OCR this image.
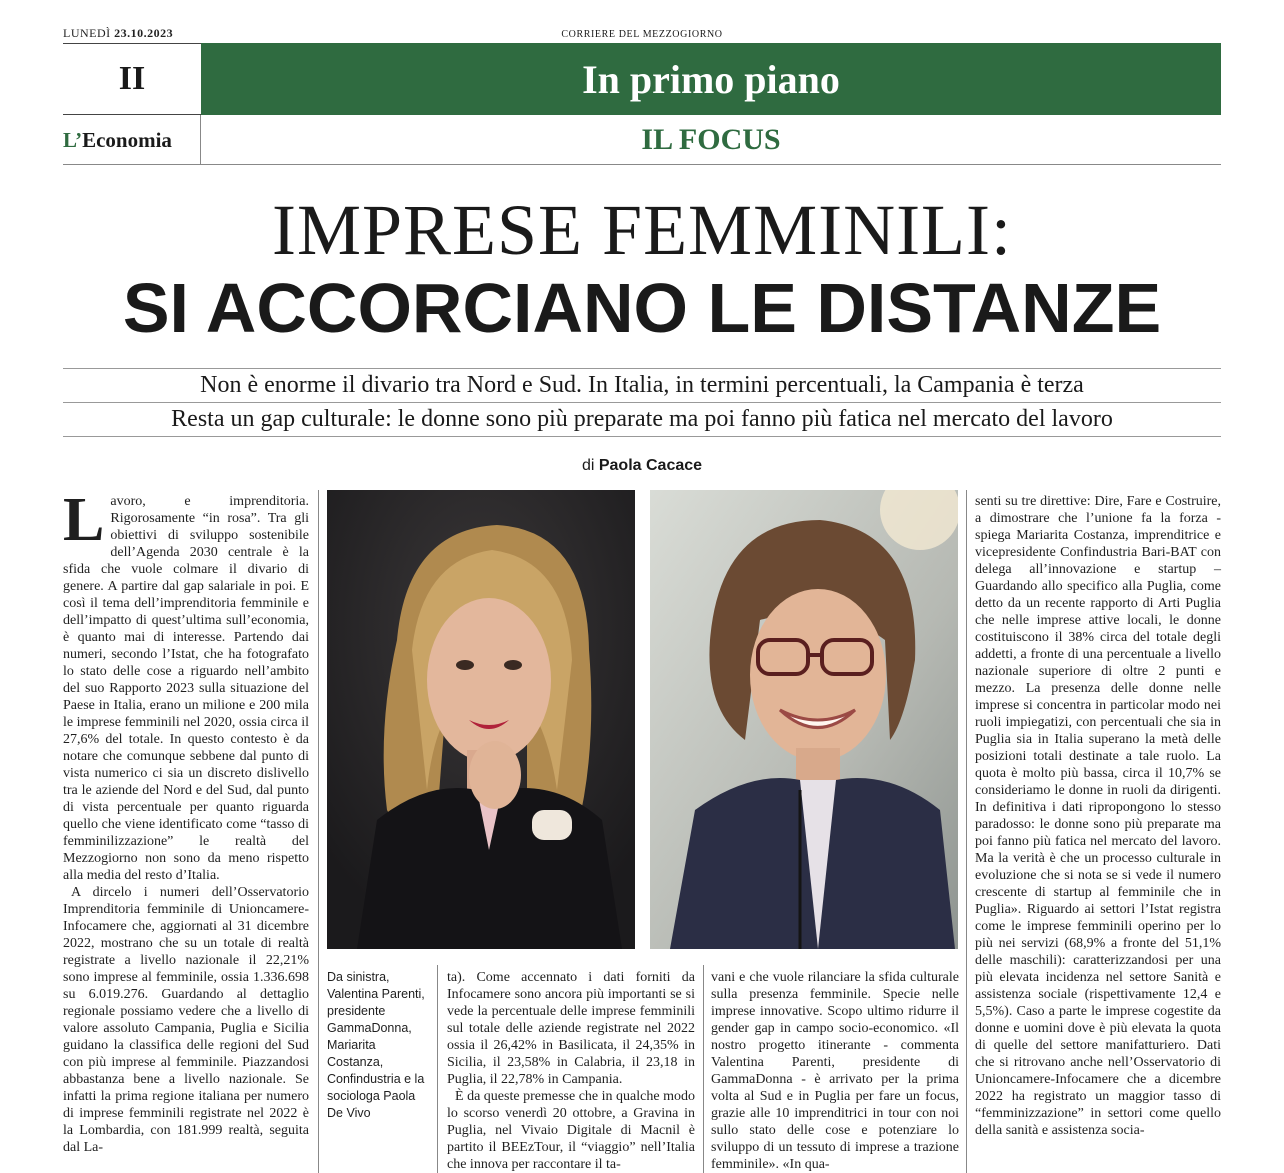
LUNEDÌ 23.10.2023	CORRIERE DEL MEZZOGIORNO
II	In primo piano
L’ Economia	IL FOCUS
IMPRESE FEMMINILI:
SI ACCORCIANO LE DISTANZE
Non è enorme il divario tra Nord e Sud. In Italia, in termini percentuali, la Campania è terza
Resta un gap culturale: le donne sono più preparate ma poi fanno più fatica nel mercato del lavoro
di Paola Cacace

Lavoro, e imprenditoria. Rigorosamente “in rosa”. Tra gli obiettivi di sviluppo sostenibile dell’Agenda 2030 centrale è la sfida che vuole colmare il divario di genere. A partire dal gap salariale in poi. E così il tema dell’imprenditoria femminile e dell’impatto di quest’ultima sull’economia, è quanto mai di interesse. Partendo dai numeri, secondo l’Istat, che ha fotografato lo stato delle cose a riguardo nell’ambito del suo Rapporto 2023 sulla situazione del Paese in Italia, erano un milione e 200 mila le imprese femminili nel 2020, ossia circa il 27,6% del totale. In questo contesto è da notare che comunque sebbene dal punto di vista numerico ci sia un discreto dislivello tra le aziende del Nord e del Sud, dal punto di vista percentuale per quanto riguarda quello che viene identificato come “tasso di femminilizzazione” le realtà del Mezzogiorno non sono da meno rispetto alla media del resto d’Italia.

A dircelo i numeri dell’Osservatorio Imprenditoria femminile di Unioncamere-Infocamere che, aggiornati al 31 dicembre 2022, mostrano che su un totale di realtà registrate a livello nazionale il 22,21% sono imprese al femminile, ossia 1.336.698 su 6.019.276. Guardando al dettaglio regionale possiamo vedere che a livello di valore assoluto Campania, Puglia e Sicilia guidano la classifica delle regioni del Sud con più imprese al femminile. Piazzandosi abbastanza bene a livello nazionale. Se infatti la prima regione italiana per numero di imprese femminili registrate nel 2022 è la Lombardia, con 181.999 realtà, seguita dal La-

Da sinistra, Valentina Parenti, presidente GammaDonna, Mariarita Costanza, Confindustria e la sociologa Paola De Vivo

ta). Come accennato i dati forniti da Infocamere sono ancora più importanti se si vede la percentuale delle imprese femminili sul totale delle aziende registrate nel 2022 ossia il 26,42% in Basilicata, il 24,35% in Sicilia, il 23,58% in Calabria, il 23,18 in Puglia, il 22,78% in Campania.

È da queste premesse che in qualche modo lo scorso venerdì 20 ottobre, a Gravina in Puglia, nel Vivaio Digitale di Macnil è partito il BEEzTour, il “viaggio” nell’Italia che innova per raccontare il ta-

vani e che vuole rilanciare la sfida culturale sulla presenza femminile. Specie nelle imprese innovative. Scopo ultimo ridurre il gender gap in campo socio-economico. «Il nostro progetto itinerante - commenta Valentina Parenti, presidente di GammaDonna - è arrivato per la prima volta al Sud e in Puglia per fare un focus, grazie alle 10 imprenditrici in tour con noi sullo stato delle cose e potenziare lo sviluppo di un tessuto di imprese a trazione femminile». «In qua-

senti su tre direttive: Dire, Fare e Costruire, a dimostrare che l’unione fa la forza - spiega Mariarita Costanza, imprenditrice e vicepresidente Confindustria Bari-BAT con delega all’innovazione e startup – Guardando allo specifico alla Puglia, come detto da un recente rapporto di Arti Puglia che nelle imprese attive locali, le donne costituiscono il 38% circa del totale degli addetti, a fronte di una percentuale a livello nazionale superiore di oltre 2 punti e mezzo. La presenza delle donne nelle imprese si concentra in particolar modo nei ruoli impiegatizi, con percentuali che sia in Puglia sia in Italia superano la metà delle posizioni totali destinate a tale ruolo. La quota è molto più bassa, circa il 10,7% se consideriamo le donne in ruoli da dirigenti. In definitiva i dati ripropongono lo stesso paradosso: le donne sono più preparate ma poi fanno più fatica nel mercato del lavoro. Ma la verità è che un processo culturale in evoluzione che si nota se si vede il numero crescente di startup al femminile che in Puglia». Riguardo ai settori l’Istat registra come le imprese femminili operino per lo più nei servizi (68,9% a fronte del 51,1% delle maschili): caratterizzandosi per una più elevata incidenza nel settore Sanità e assistenza sociale (rispettivamente 12,4 e 5,5%). Caso a parte le imprese cogestite da donne e uomini dove è più elevata la quota di quelle del settore manifatturiero. Dati che si ritrovano anche nell’Osservatorio di Unioncamere-Infocamere che a dicembre 2022 ha registrato un maggior tasso di “femminizzazione” in settori come quello della sanità e assistenza socia-
